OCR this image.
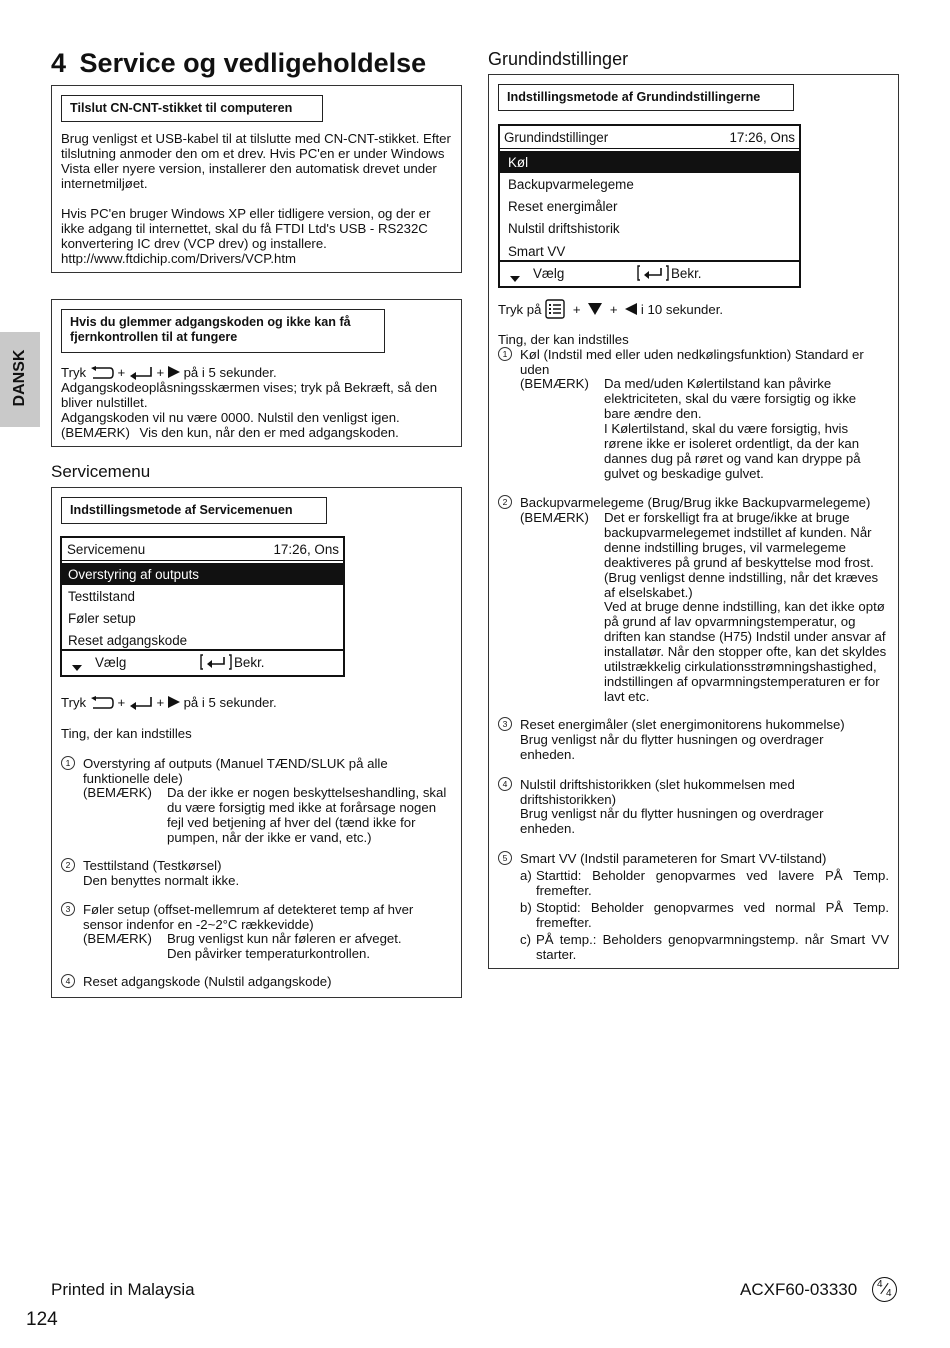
4 Service og vedligeholdelse	Grundindstillinger
DANSK
Tilslut CN-CNT-stikket til computeren

Brug venligst et USB-kabel til at tilslutte med CN-CNT-stikket. Efter tilslutning anmoder den om et drev. Hvis PC'en er under Windows Vista eller nyere version, installerer den automatisk drevet under internetmiljøet.

Hvis PC'en bruger Windows XP eller tidligere version, og der er ikke adgang til internettet, skal du få FTDI Ltd's USB - RS232C konvertering IC drev (VCP drev) og installere.

http://www.ftdichip.com/Drivers/VCP.htm

Hvis du glemmer adgangskoden og ikke kan få
fjernkontrollen til at fungere
Tryk + + på i 5 sekunder.

Adgangskodeoplåsningsskærmen vises; tryk på Bekræft, så den bliver nulstillet.

Adgangskoden vil nu være 0000. Nulstil den venligst igen.

(BEMÆRK) Vis den kun, når den er med adgangskoden.
Servicemenu
Indstillingsmetode af Servicemenuen
Servicemenu	17:26, Ons
Overstyring af outputs
Testtilstand
Føler setup
Reset adgangskode
Vælg	Bekr.
Tryk + + på i 5 sekunder.

Ting, der kan indstilles

1 Overstyring af outputs (Manuel TÆND/SLUK på alle funktionelle dele)

(BEMÆRK) Da der ikke er nogen beskyttelseshandling, skal du være forsigtig med ikke at forårsage nogen fejl ved betjening af hver del (tænd ikke for pumpen, når der ikke er vand, etc.)

2 Testtilstand (Testkørsel)

Den benyttes normalt ikke.

3 Føler setup (offset-mellemrum af detekteret temp af hver sensor indenfor en -2~2°C rækkevidde)

(BEMÆRK) Brug venligst kun når føleren er afveget. Den påvirker temperaturkontrollen.

4 Reset adgangskode (Nulstil adgangskode)

Indstillingsmetode af Grundindstillingerne
Grundindstillinger	17:26, Ons
Køl
Backupvarmelegeme
Reset energimåler
Nulstil driftshistorik
Smart VV
Vælg	Bekr.
Tryk på + + i 10 sekunder.

Ting, der kan indstilles

1 Køl (Indstil med eller uden nedkølingsfunktion) Standard er uden

(BEMÆRK) Da med/uden Kølertilstand kan påvirke elektriciteten, skal du være forsigtig og ikke bare ændre den.

I Kølertilstand, skal du være forsigtig, hvis rørene ikke er isoleret ordentligt, da der kan dannes dug på røret og vand kan dryppe på gulvet og beskadige gulvet.

2 Backupvarmelegeme (Brug/Brug ikke Backupvarmelegeme)

(BEMÆRK) Det er forskelligt fra at bruge/ikke at bruge backupvarmelegemet indstillet af kunden. Når denne indstilling bruges, vil varmelegeme deaktiveres på grund af beskyttelse mod frost. (Brug venligst denne indstilling, når det kræves af elselskabet.)

Ved at bruge denne indstilling, kan det ikke optø på grund af lav opvarmningstemperatur, og driften kan standse (H75) Indstil under ansvar af installatør. Når den stopper ofte, kan det skyldes utilstrækkelig cirkulationsstrømningshastighed, indstillingen af opvarmningstemperaturen er for lavt etc.

3 Reset energimåler (slet energimonitorens hukommelse)

Brug venligst når du flytter husningen og overdrager enheden.

4 Nulstil driftshistorikken (slet hukommelsen med driftshistorikken)

Brug venligst når du flytter husningen og overdrager enheden.

5 Smart VV (Indstil parameteren for Smart VV-tilstand)

a) Starttid: Beholder genopvarmes ved lavere PÅ Temp. fremefter.

b) Stoptid: Beholder genopvarmes ved normal PÅ Temp. fremefter.

c) PÅ temp.: Beholders genopvarmningstemp. når Smart VV starter.

Printed in Malaysia
124
ACXF60-03330 4
4
